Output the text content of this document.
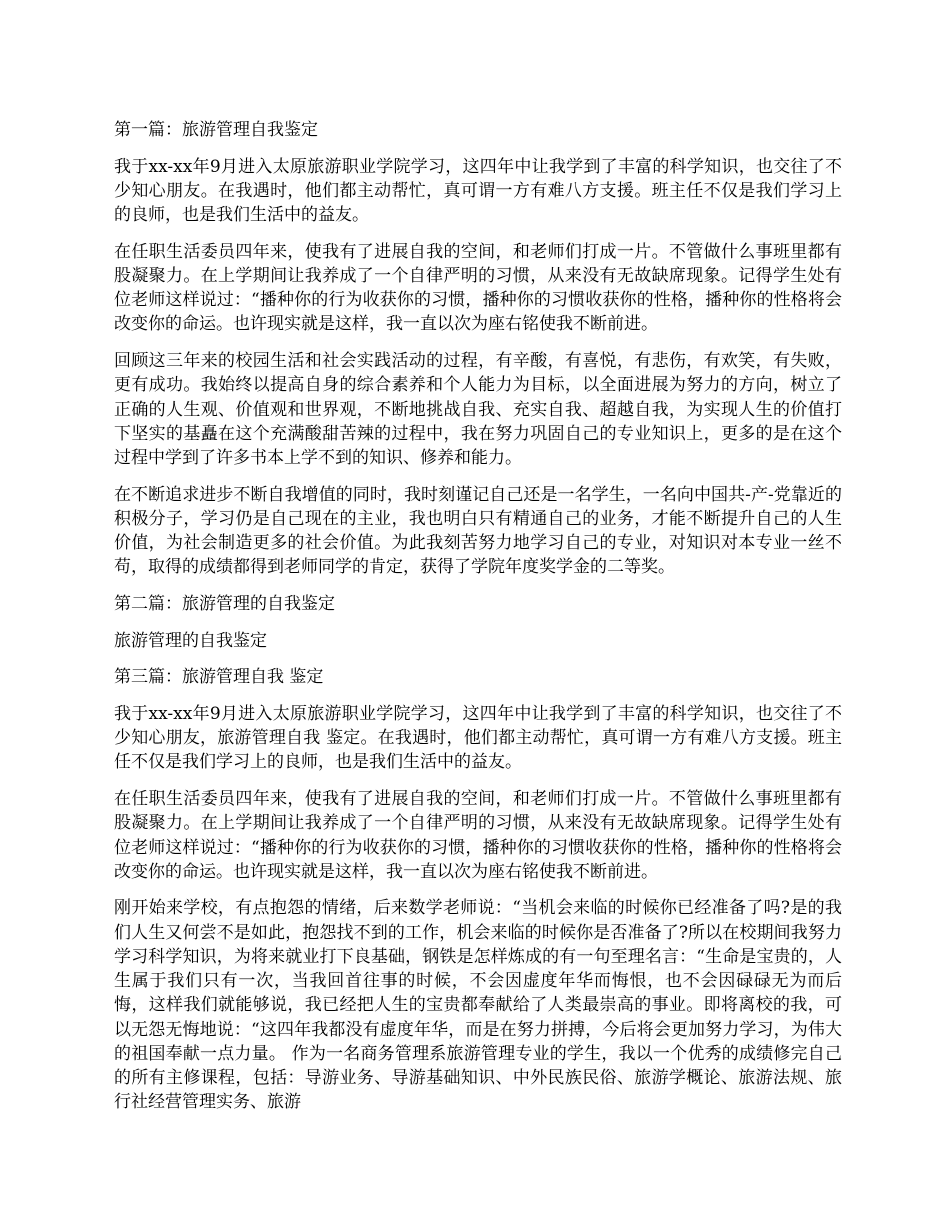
第一篇：旅游管理自我鉴定

我于xx-xx年9月进入太原旅游职业学院学习，这四年中让我学到了丰富的科学知识，也交往了不少知心朋友。在我遇时，他们都主动帮忙，真可谓一方有难八方支援。班主任不仅是我们学习上的良师，也是我们生活中的益友。

在任职生活委员四年来，使我有了进展自我的空间，和老师们打成一片。不管做什么事班里都有股凝聚力。在上学期间让我养成了一个自律严明的习惯，从来没有无故缺席现象。记得学生处有位老师这样说过：“播种你的行为收获你的习惯，播种你的习惯收获你的性格，播种你的性格将会改变你的命运。也许现实就是这样，我一直以次为座右铭使我不断前进。

回顾这三年来的校园生活和社会实践活动的过程，有辛酸，有喜悦，有悲伤，有欢笑，有失败，更有成功。我始终以提高自身的综合素养和个人能力为目标，以全面进展为努力的方向，树立了正确的人生观、价值观和世界观，不断地挑战自我、充实自我、超越自我，为实现人生的价值打下坚实的基矗在这个充满酸甜苦辣的过程中，我在努力巩固自己的专业知识上，更多的是在这个过程中学到了许多书本上学不到的知识、修养和能力。

在不断追求进步不断自我增值的同时，我时刻谨记自己还是一名学生，一名向中国共-产-党靠近的积极分子，学习仍是自己现在的主业，我也明白只有精通自己的业务，才能不断提升自己的人生价值，为社会制造更多的社会价值。为此我刻苦努力地学习自己的专业，对知识对本专业一丝不苟，取得的成绩都得到老师同学的肯定，获得了学院年度奖学金的二等奖。

第二篇：旅游管理的自我鉴定

旅游管理的自我鉴定

第三篇：旅游管理自我 鉴定

我于xx-xx年9月进入太原旅游职业学院学习，这四年中让我学到了丰富的科学知识，也交往了不少知心朋友，旅游管理自我 鉴定。在我遇时，他们都主动帮忙，真可谓一方有难八方支援。班主任不仅是我们学习上的良师，也是我们生活中的益友。

在任职生活委员四年来，使我有了进展自我的空间，和老师们打成一片。不管做什么事班里都有股凝聚力。在上学期间让我养成了一个自律严明的习惯，从来没有无故缺席现象。记得学生处有位老师这样说过：“播种你的行为收获你的习惯，播种你的习惯收获你的性格，播种你的性格将会改变你的命运。也许现实就是这样，我一直以次为座右铭使我不断前进。

刚开始来学校，有点抱怨的情绪，后来数学老师说：“当机会来临的时候你已经准备了吗?是的我们人生又何尝不是如此，抱怨找不到的工作，机会来临的时候你是否准备了?所以在校期间我努力学习科学知识，为将来就业打下良基础，钢铁是怎样炼成的有一句至理名言：“生命是宝贵的，人生属于我们只有一次，当我回首往事的时候，不会因虚度年华而悔恨，也不会因碌碌无为而后悔，这样我们就能够说，我已经把人生的宝贵都奉献给了人类最崇高的事业。即将离校的我，可以无怨无悔地说：“这四年我都没有虚度年华，而是在努力拼搏，今后将会更加努力学习，为伟大的祖国奉献一点力量。 作为一名商务管理系旅游管理专业的学生，我以一个优秀的成绩修完自己的所有主修课程，包括：导游业务、导游基础知识、中外民族民俗、旅游学概论、旅游法规、旅行社经营管理实务、旅游
